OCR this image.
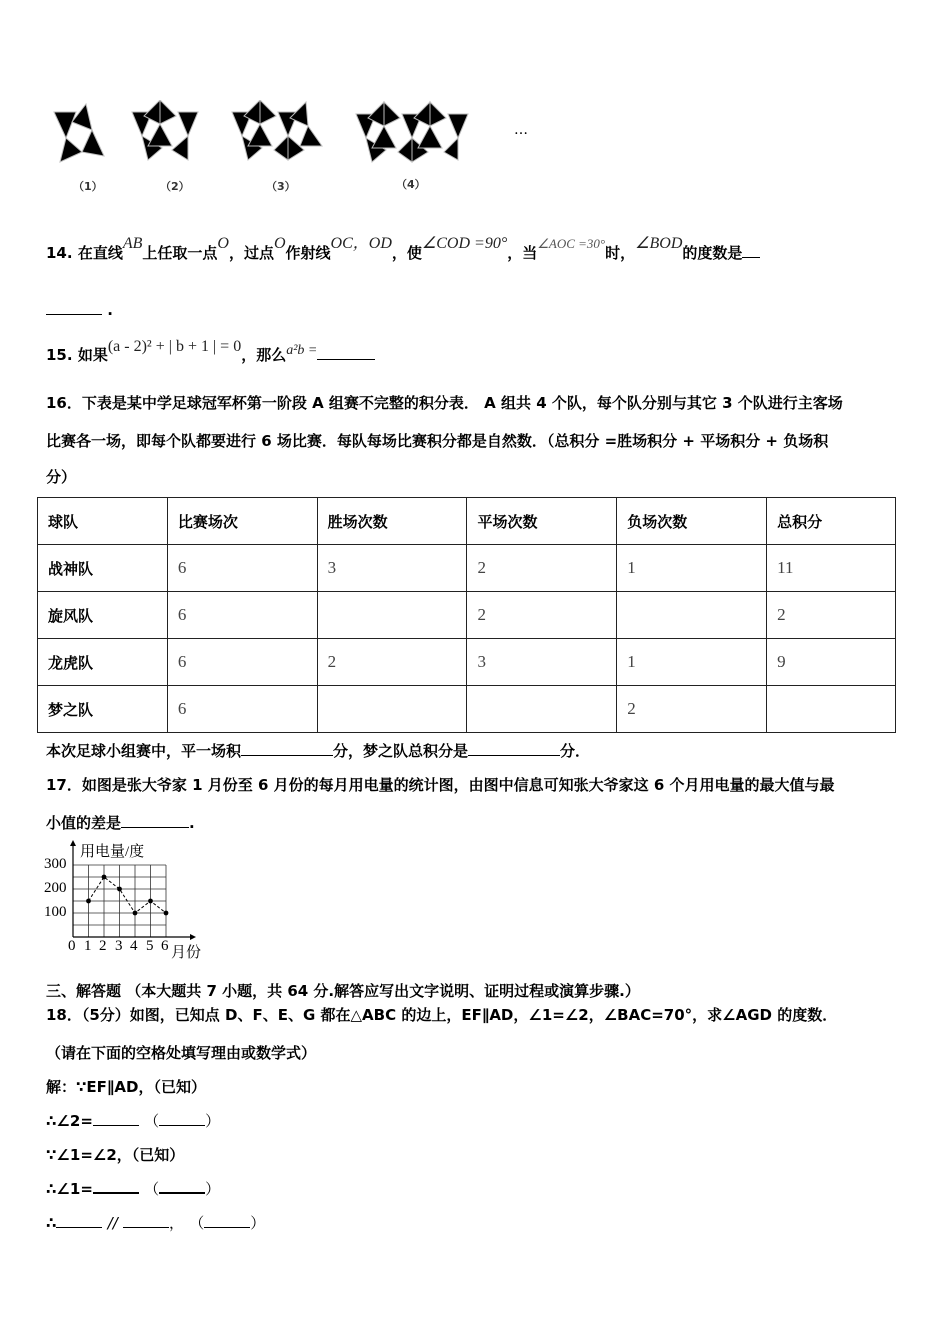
…
（1）	（2）	（3）	（4）
14. 在直线AB上任取一点O，过点O作射线OC，OD，使∠COD =90°，当∠AOC =30°时，∠BOD的度数是
.
15. 如果(a - 2)² + | b + 1 | = 0，那么a²b =
16．下表是某中学足球冠军杯第一阶段 A 组赛不完整的积分表． A 组共 4 个队，每个队分别与其它 3 个队进行主客场
比赛各一场，即每个队都要进行 6 场比赛．每队每场比赛积分都是自然数．（总积分 =胜场积分 + 平场积分 + 负场积
分）
球队	比赛场次	胜场次数	平场次数	负场次数	总积分
战神队	6	3	2	1	11
旋风队	6		2		2
龙虎队	6	2	3	1	9
梦之队	6			2	
本次足球小组赛中，平一场积	分，梦之队总积分是	分．
17．如图是张大爷家 1 月份至 6 月份的每月用电量的统计图，由图中信息可知张大爷家这 6 个月用电量的最大值与最
小值的差是	.
用电量/度
300
200
100
0 1 2 3 4 5 6 月份
三、解答题 （本大题共 7 小题，共 64 分.解答应写出文字说明、证明过程或演算步骤.）
18．（5分）如图，已知点 D、F、E、G 都在△ABC 的边上，EF∥AD，∠1=∠2，∠BAC=70°，求∠AGD 的度数．
（请在下面的空格处填写理由或数学式）
解：∵EF∥AD，（已知）
∴∠2=	（	）
∵∠1=∠2，（已知）
∴∠1=	（	）
∴	//	， （	）
